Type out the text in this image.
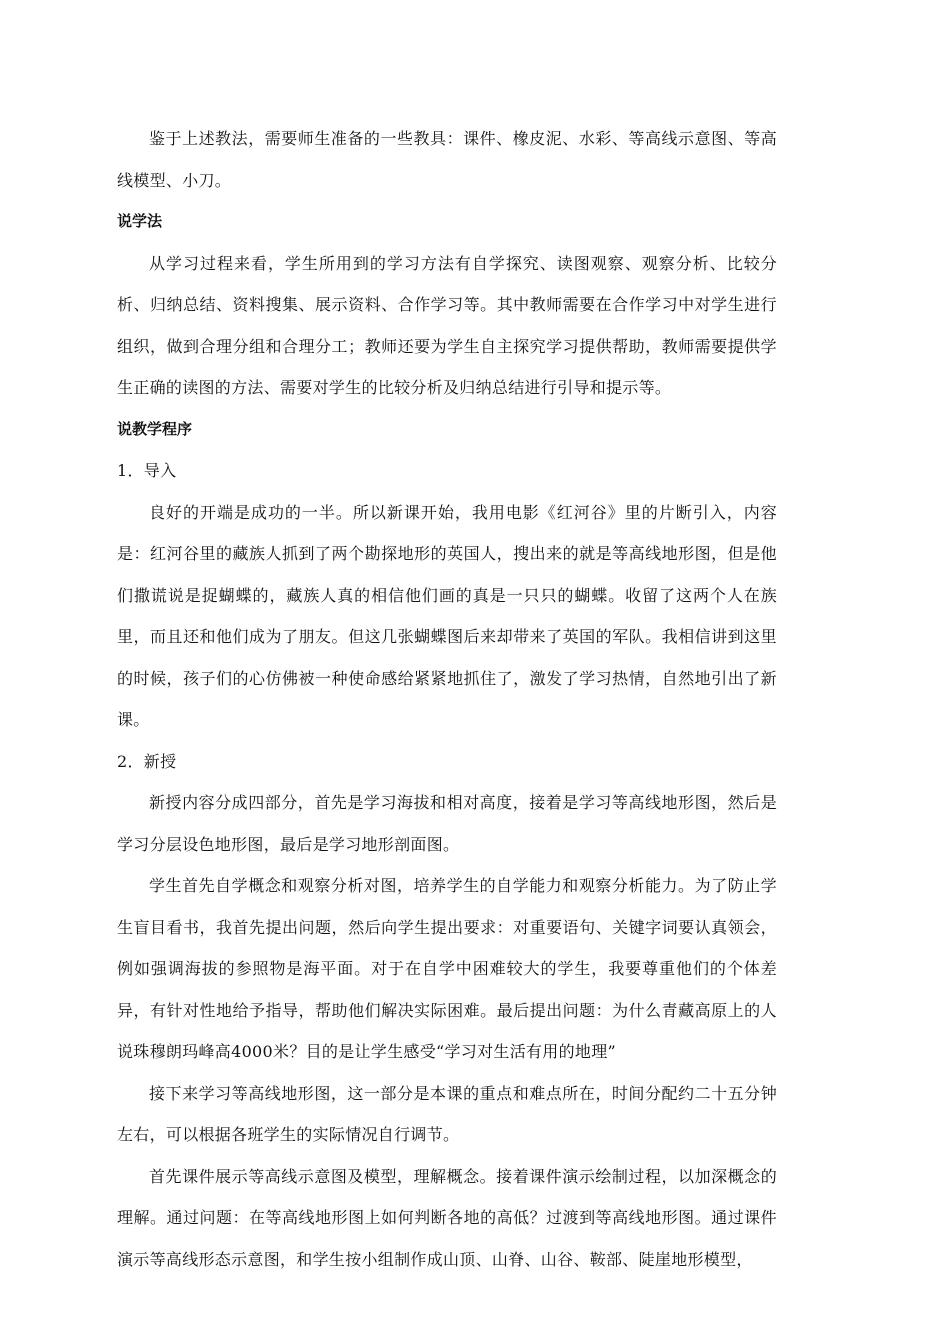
鉴于上述教法，需要师生准备的一些教具：课件、橡皮泥、水彩、等高线示意图、等高线模型、小刀。

说学法

从学习过程来看，学生所用到的学习方法有自学探究、读图观察、观察分析、比较分析、归纳总结、资料搜集、展示资料、合作学习等。其中教师需要在合作学习中对学生进行组织，做到合理分组和合理分工；教师还要为学生自主探究学习提供帮助，教师需要提供学生正确的读图的方法、需要对学生的比较分析及归纳总结进行引导和提示等。

说教学程序

1．导入

良好的开端是成功的一半。所以新课开始，我用电影《红河谷》里的片断引入，内容是：红河谷里的藏族人抓到了两个勘探地形的英国人，搜出来的就是等高线地形图，但是他们撒谎说是捉蝴蝶的，藏族人真的相信他们画的真是一只只的蝴蝶。收留了这两个人在族里，而且还和他们成为了朋友。但这几张蝴蝶图后来却带来了英国的军队。我相信讲到这里的时候，孩子们的心仿佛被一种使命感给紧紧地抓住了，激发了学习热情，自然地引出了新课。

2．新授

新授内容分成四部分，首先是学习海拔和相对高度，接着是学习等高线地形图，然后是学习分层设色地形图，最后是学习地形剖面图。

学生首先自学概念和观察分析对图，培养学生的自学能力和观察分析能力。为了防止学生盲目看书，我首先提出问题，然后向学生提出要求：对重要语句、关键字词要认真领会，例如强调海拔的参照物是海平面。对于在自学中困难较大的学生，我要尊重他们的个体差异，有针对性地给予指导，帮助他们解决实际困难。最后提出问题：为什么青藏高原上的人说珠穆朗玛峰高4000米？目的是让学生感受“学习对生活有用的地理”

接下来学习等高线地形图，这一部分是本课的重点和难点所在，时间分配约二十五分钟左右，可以根据各班学生的实际情况自行调节。

首先课件展示等高线示意图及模型，理解概念。接着课件演示绘制过程，以加深概念的理解。通过问题：在等高线地形图上如何判断各地的高低？过渡到等高线地形图。通过课件演示等高线形态示意图，和学生按小组制作成山顶、山脊、山谷、鞍部、陡崖地形模型，
